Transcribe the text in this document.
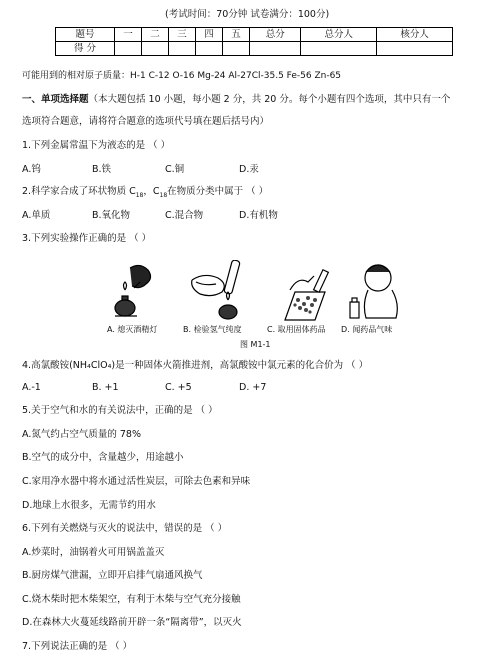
(考试时间：70分钟 试卷满分：100分)
题号	一	二	三	四	五	总分	总分人	核分人
得 分								
可能用到的相对原子质量：H-1 C-12 O-16 Mg-24 Al-27Cl-35.5 Fe-56 Zn-65
一、单项选择题（本大题包括 10 小题，每小题 2 分，共 20 分。每个小题有四个选项，其中只有一个
选项符合题意，请将符合题意的选项代号填在题后括号内）
1.下列金属常温下为液态的是 （ ）
A.钨	B.铁	C.铜	D.汞
2.科学家合成了环状物质 $C_{18}$，$C_{18}$在物质分类中属于 （ ）
A.单质	B.氧化物	C.混合物	D.有机物
3.下列实验操作正确的是 （ ）
A. 熄灭酒精灯	B. 检验氢气纯度	C. 取用固体药品 D. 闻药品气味
图 M1-1
4.高氯酸铵(NH₄ClO₄)是一种固体火箭推进剂，高氯酸铵中氯元素的化合价为 （ ）
A.-1	B. +1	C. +5	D. +7
5.关于空气和水的有关说法中，正确的是 （ ）
A.氮气约占空气质量的 78%
B.空气的成分中，含量越少，用途越小
C.家用净水器中将水通过活性炭层，可除去色素和异味
D.地球上水很多，无需节约用水
6.下列有关燃烧与灭火的说法中，错误的是 （ ）
A.炒菜时，油锅着火可用锅盖盖灭
B.厨房煤气泄漏，立即开启排气扇通风换气
C.烧木柴时把木柴架空，有利于木柴与空气充分接触
D.在森林大火蔓延线路前开辟一条“隔离带”，以灭火
7.下列说法正确的是 （ ）
